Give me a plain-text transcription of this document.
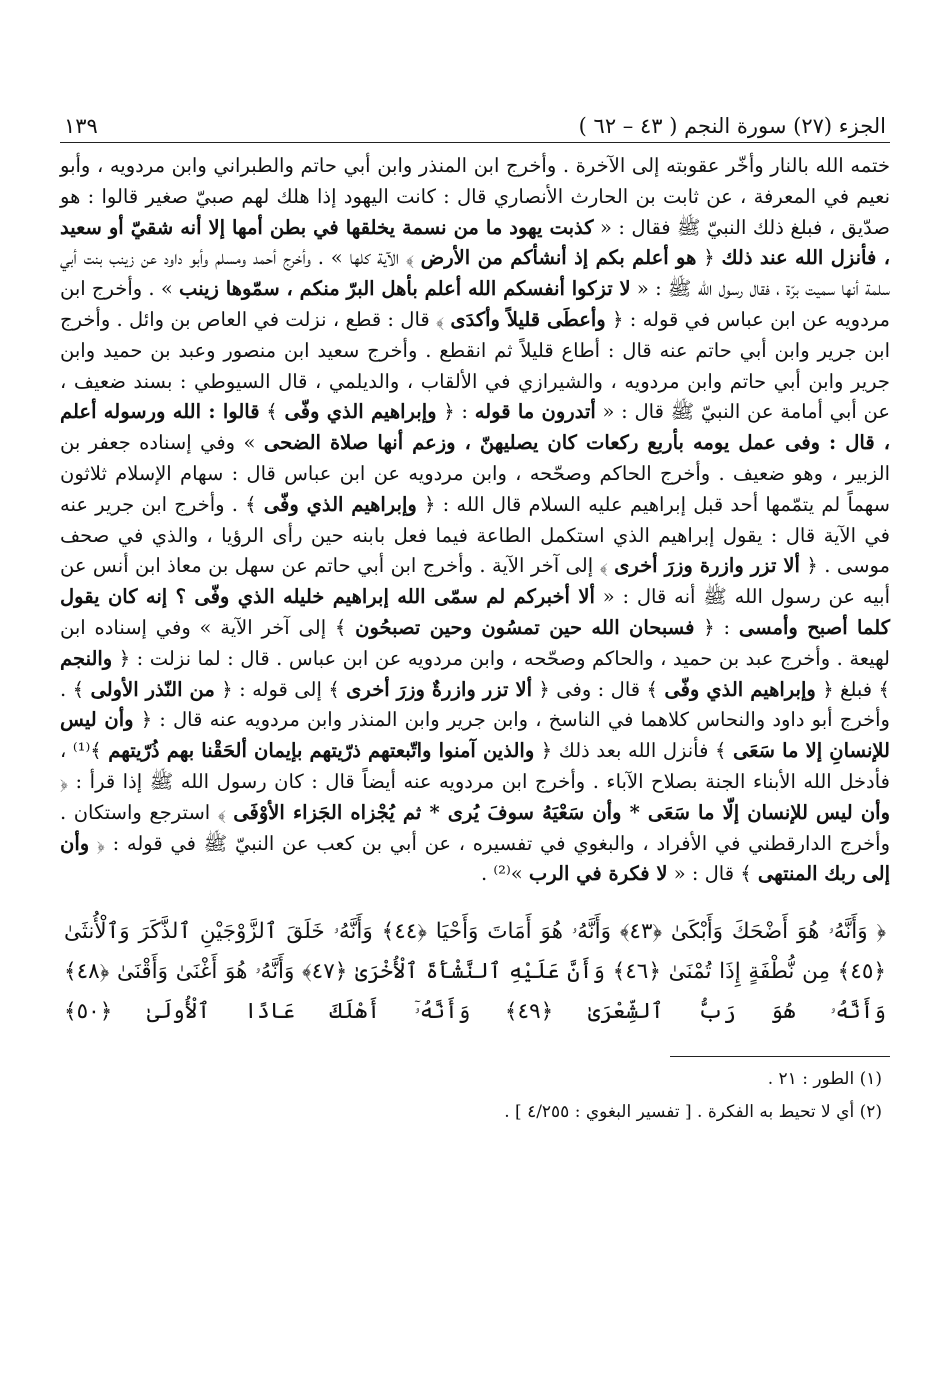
الجزء (٢٧) سورة النجم ( ٤٣ – ٦٢ )
١٣٩

ختمه الله بالنار وأخّر عقوبته إلى الآخرة . وأخرج ابن المنذر وابن أبي حاتم والطبراني وابن مردويه ، وأبو نعيم في المعرفة ، عن ثابت بن الحارث الأنصاري قال : كانت اليهود إذا هلك لهم صبيّ صغير قالوا : هو صدّيق ، فبلغ ذلك النبيّ ﷺ فقال : « كذبت يهود ما من نسمة يخلقها في بطن أمها إلا أنه شقيّ أو سعيد ، فأنزل الله عند ذلك ﴿ هو أعلم بكم إذ أنشأكم من الأرض ﴾ الآية كلها » . وأخرج أحمد ومسلم وأبو داود عن زينب بنت أبي سلمة أنها سميت برّة ، فقال رسول الله ﷺ : « لا تزكوا أنفسكم الله أعلم بأهل البرّ منكم ، سمّوها زينب » . وأخرج ابن مردويه عن ابن عباس في قوله : ﴿ وأعطَى قليلاً وأكدَى ﴾ قال : قطع ، نزلت في العاص بن وائل . وأخرج ابن جرير وابن أبي حاتم عنه قال : أطاع قليلاً ثم انقطع . وأخرج سعيد ابن منصور وعبد بن حميد وابن جرير وابن أبي حاتم وابن مردويه ، والشيرازي في الألقاب ، والديلمي ، قال السيوطي : بسند ضعيف ، عن أبي أمامة عن النبيّ ﷺ قال : « أتدرون ما قوله : ﴿ وإبراهيم الذي وفّى ﴾ قالوا : الله ورسوله أعلم ، قال : وفى عمل يومه بأربع ركعات كان يصليهنّ ، وزعم أنها صلاة الضحى » وفي إسناده جعفر بن الزبير ، وهو ضعيف . وأخرج الحاكم وصحّحه ، وابن مردويه عن ابن عباس قال : سهام الإسلام ثلاثون سهماً لم يتمّمها أحد قبل إبراهيم عليه السلام قال الله : ﴿ وإبراهيم الذي وفّى ﴾ . وأخرج ابن جرير عنه في الآية قال : يقول إبراهيم الذي استكمل الطاعة فيما فعل بابنه حين رأى الرؤيا ، والذي في صحف موسى . ﴿ ألا تزر وازرة وزرَ أخرى ﴾ إلى آخر الآية . وأخرج ابن أبي حاتم عن سهل بن معاذ ابن أنس عن أبيه عن رسول الله ﷺ أنه قال : « ألا أخبركم لم سمّى الله إبراهيم خليله الذي وفّى ؟ إنه كان يقول كلما أصبح وأمسى : ﴿ فسبحان الله حين تمسُون وحين تصبحُون ﴾ إلى آخر الآية » وفي إسناده ابن لهيعة . وأخرج عبد بن حميد ، والحاكم وصحّحه ، وابن مردويه عن ابن عباس . قال : لما نزلت : ﴿ والنجم ﴾ فبلغ ﴿ وإبراهيم الذي وفّى ﴾ قال : وفى ﴿ ألا تزر وازرةٌ وزرَ أخرى ﴾ إلى قوله : ﴿ من النّذر الأولى ﴾ . وأخرج أبو داود والنحاس كلاهما في الناسخ ، وابن جرير وابن المنذر وابن مردويه عنه قال : ﴿ وأن ليس للإنسانِ إلا ما سَعَى ﴾ فأنزل الله بعد ذلك ﴿ والذين آمنوا واتّبعتهم ذرّيتهم بإيمان ألحَقْنا بهم ذُرّيتهم ﴾⁽¹⁾ ، فأدخل الله الأبناء الجنة بصلاح الآباء . وأخرج ابن مردويه عنه أيضاً قال : كان رسول الله ﷺ إذا قرأ : ﴿ وأن ليس للإنسان إلّا ما سَعَى * وأن سَعْيَهُ سوفَ يُرى * ثم يُجْزاه الجَزاء الأوْفَى ﴾ استرجع واستكان . وأخرج الدارقطني في الأفراد ، والبغوي في تفسيره ، عن أبي بن كعب عن النبيّ ﷺ في قوله : ﴿ وأن إلى ربك المنتهى ﴾ قال : « لا فكرة في الرب »⁽²⁾ .

﴿ وَأَنَّهُۥ هُوَ أَضْحَكَ وَأَبْكَىٰ ﴿٤٣﴾ وَأَنَّهُۥ هُوَ أَمَاتَ وَأَحْيَا ﴿٤٤﴾ وَأَنَّهُۥ خَلَقَ ٱلزَّوْجَيْنِ ٱلذَّكَرَ وَٱلْأُنثَىٰ ﴿٤٥﴾ مِن نُّطْفَةٍ إِذَا تُمْنَىٰ ﴿٤٦﴾ وَأَنَّ عَلَيْهِ ٱلنَّشْأَةَ ٱلْأُخْرَىٰ ﴿٤٧﴾ وَأَنَّهُۥ هُوَ أَغْنَىٰ وَأَقْنَىٰ ﴿٤٨﴾ وَأَنَّهُۥ هُوَ رَبُّ ٱلشِّعْرَىٰ ﴿٤٩﴾ وَأَنَّهُۥٓ أَهْلَكَ عَادًا ٱلْأُولَىٰ ﴿٥٠﴾
(١) الطور : ٢١ .
(٢) أي لا تحيط به الفكرة . [ تفسير البغوي : ٤/٢٥٥ ] .
